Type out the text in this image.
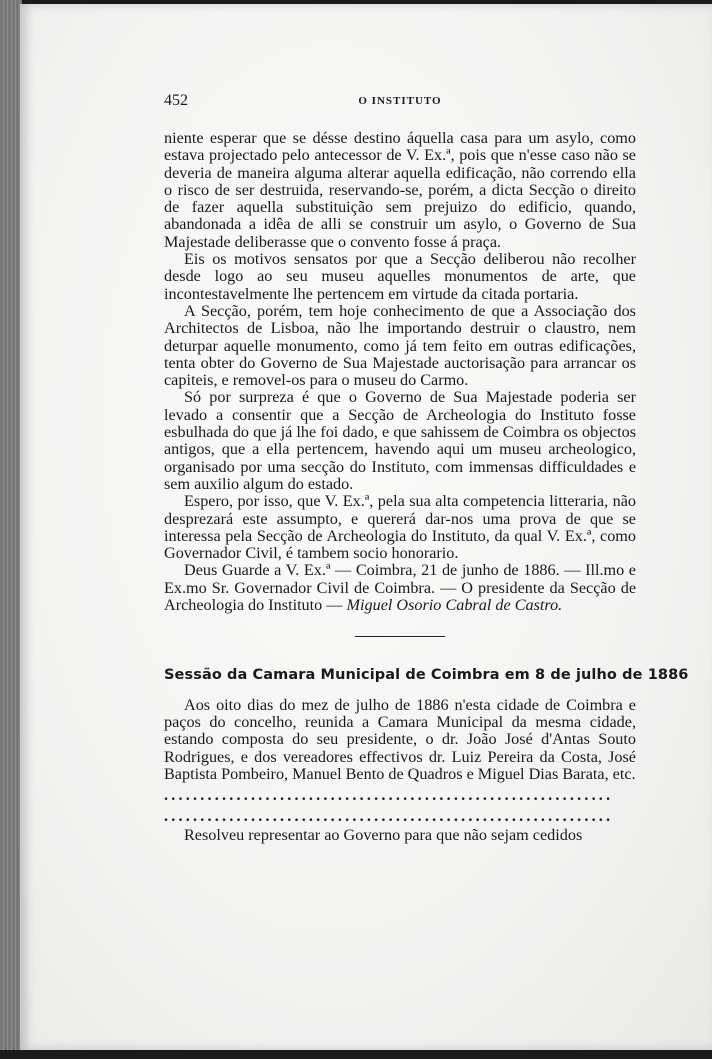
452	O INSTITUTO

niente esperar que se désse destino áquella casa para um asylo, como estava projectado pelo antecessor de V. Ex.ª, pois que n'esse caso não se deveria de maneira alguma alterar aquella edificação, não correndo ella o risco de ser destruida, reservando-se, porém, a dicta Secção o direito de fazer aquella substituição sem prejuizo do edificio, quando, abandonada a idêa de alli se construir um asylo, o Governo de Sua Majestade deliberasse que o convento fosse á praça.

Eis os motivos sensatos por que a Secção deliberou não recolher desde logo ao seu museu aquelles monumentos de arte, que incontestavelmente lhe pertencem em virtude da citada portaria.

A Secção, porém, tem hoje conhecimento de que a Associação dos Architectos de Lisboa, não lhe importando destruir o claustro, nem deturpar aquelle monumento, como já tem feito em outras edificações, tenta obter do Governo de Sua Majestade auctorisação para arrancar os capiteis, e removel-os para o museu do Carmo.

Só por surpreza é que o Governo de Sua Majestade poderia ser levado a consentir que a Secção de Archeologia do Instituto fosse esbulhada do que já lhe foi dado, e que sahissem de Coimbra os objectos antigos, que a ella pertencem, havendo aqui um museu archeologico, organisado por uma secção do Instituto, com immensas difficuldades e sem auxilio algum do estado.

Espero, por isso, que V. Ex.ª, pela sua alta competencia litteraria, não desprezará este assumpto, e quererá dar-nos uma prova de que se interessa pela Secção de Archeologia do Instituto, da qual V. Ex.ª, como Governador Civil, é tambem socio honorario.

Deus Guarde a V. Ex.ª — Coimbra, 21 de junho de 1886. — Ill.mo e Ex.mo Sr. Governador Civil de Coimbra. — O presidente da Secção de Archeologia do Instituto — Miguel Osorio Cabral de Castro.

Sessão da Camara Municipal de Coimbra em 8 de julho de 1886

Aos oito dias do mez de julho de 1886 n'esta cidade de Coimbra e paços do concelho, reunida a Camara Municipal da mesma cidade, estando composta do seu presidente, o dr. João José d'Antas Souto Rodrigues, e dos vereadores effectivos dr. Luiz Pereira da Costa, José Baptista Pombeiro, Manuel Bento de Quadros e Miguel Dias Barata, etc.

..............................................................
..............................................................

Resolveu representar ao Governo para que não sejam cedidos
